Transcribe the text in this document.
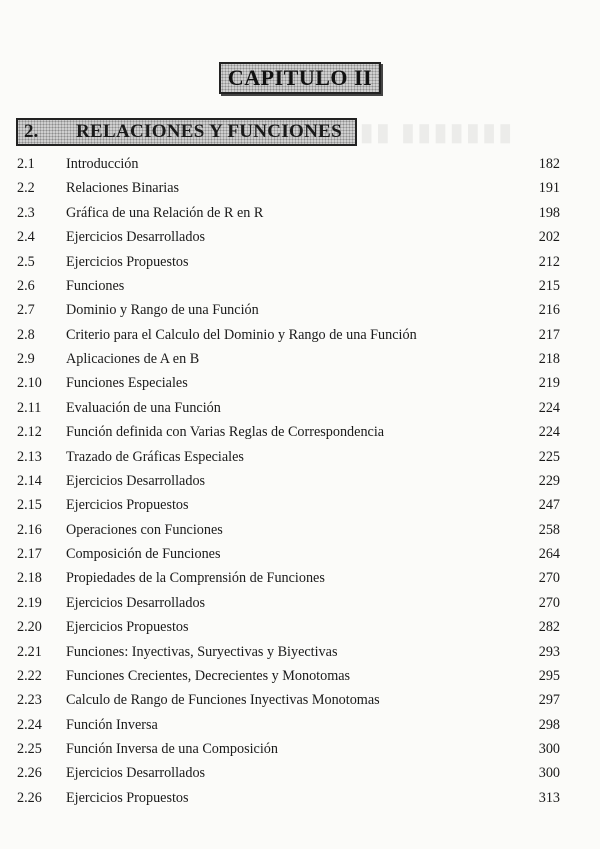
▮▮ ▮▮▮▮▮▮▮
CAPITULO II
2.	RELACIONES Y FUNCIONES
2.1 Introducción	182
2.2 Relaciones Binarias	191
2.3 Gráfica de una Relación de R en R	198
2.4 Ejercicios Desarrollados	202
2.5 Ejercicios Propuestos	212
2.6 Funciones	215
2.7 Dominio y Rango de una Función	216
2.8 Criterio para el Calculo del Dominio y Rango de una Función	217
2.9 Aplicaciones de A en B	218
2.10 Funciones Especiales	219
2.11 Evaluación de una Función	224
2.12 Función definida con Varias Reglas de Correspondencia	224
2.13 Trazado de Gráficas Especiales	225
2.14 Ejercicios Desarrollados	229
2.15 Ejercicios Propuestos	247
2.16 Operaciones con Funciones	258
2.17 Composición de Funciones	264
2.18 Propiedades de la Comprensión de Funciones	270
2.19 Ejercicios Desarrollados	270
2.20 Ejercicios Propuestos	282
2.21 Funciones: Inyectivas, Suryectivas y Biyectivas	293
2.22 Funciones Crecientes, Decrecientes y Monotomas	295
2.23 Calculo de Rango de Funciones Inyectivas Monotomas	297
2.24 Función Inversa	298
2.25 Función Inversa de una Composición	300
2.26 Ejercicios Desarrollados	300
2.26 Ejercicios Propuestos	313
